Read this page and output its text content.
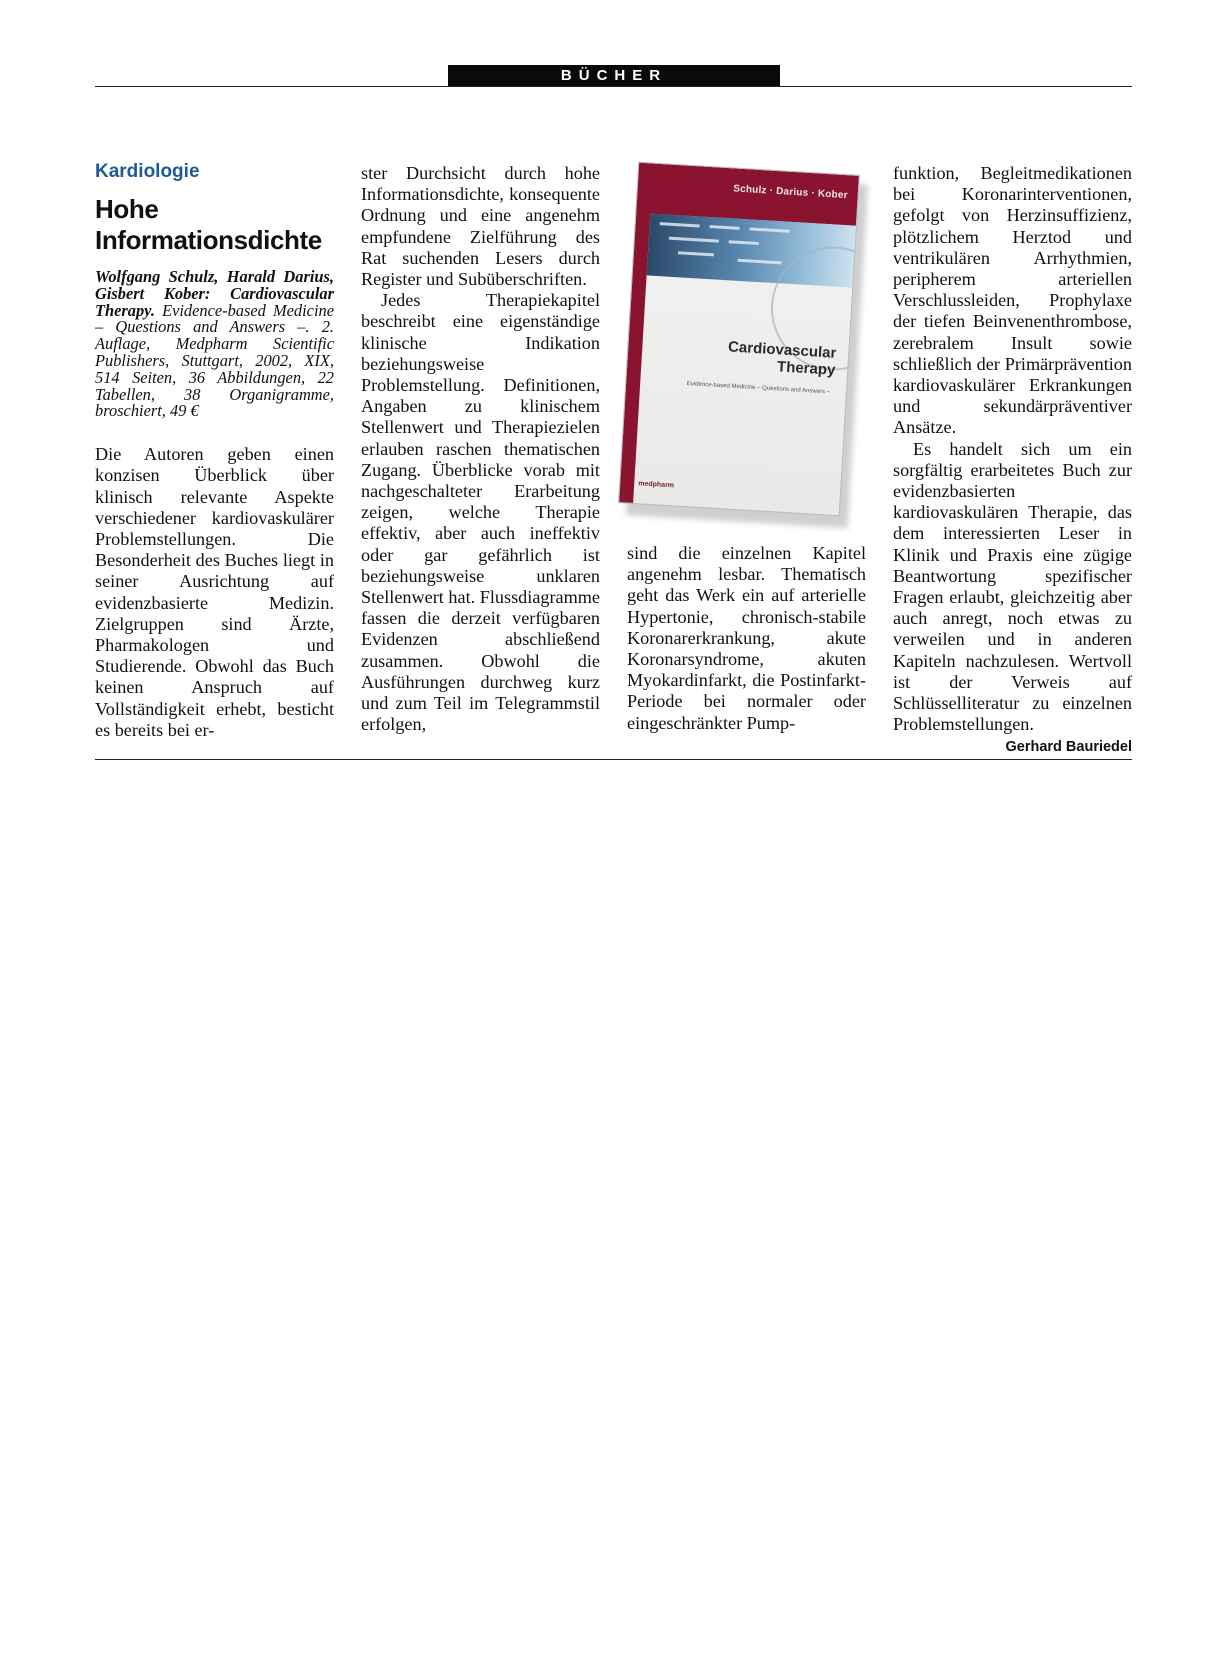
BÜCHER
Kardiologie
Hohe
Informationsdichte
Wolfgang Schulz, Harald Darius, Gisbert Kober: Cardiovascular Therapy. Evidence-based Medicine – Questions and Answers –. 2. Auflage, Medpharm Scientific Publishers, Stuttgart, 2002, XIX, 514 Seiten, 36 Abbildungen, 22 Tabellen, 38 Organigramme, broschiert, 49 €

Die Autoren geben einen konzisen Überblick über klinisch relevante Aspekte verschiedener kardiovaskulärer Problemstellungen. Die Besonderheit des Buches liegt in seiner Ausrichtung auf evidenzbasierte Medizin. Zielgruppen sind Ärzte, Pharmakologen und Studierende. Obwohl das Buch keinen Anspruch auf Vollständigkeit erhebt, besticht es bereits bei er-

ster Durchsicht durch hohe Informationsdichte, konsequente Ordnung und eine angenehm empfundene Zielführung des Rat suchenden Lesers durch Register und Subüberschriften.

Jedes Therapiekapitel beschreibt eine eigenständige klinische Indikation beziehungsweise Problemstellung. Definitionen, Angaben zu klinischem Stellenwert und Therapiezielen erlauben raschen thematischen Zugang. Überblicke vorab mit nachgeschalteter Erarbeitung zeigen, welche Therapie effektiv, aber auch ineffektiv oder gar gefährlich ist beziehungsweise unklaren Stellenwert hat. Flussdiagramme fassen die derzeit verfügbaren Evidenzen abschließend zusammen. Obwohl die Ausführungen durchweg kurz und zum Teil im Telegrammstil erfolgen,

Schulz · Darius · Kober
Cardiovascular
Therapy
Evidence-based Medicine – Questions and Answers –
medpharm

sind die einzelnen Kapitel angenehm lesbar. Thematisch geht das Werk ein auf arterielle Hypertonie, chronisch-stabile Koronarerkrankung, akute Koronarsyndrome, akuten Myokardinfarkt, die Postinfarkt-Periode bei normaler oder eingeschränkter Pump-

funktion, Begleitmedikationen bei Koronarinterventionen, gefolgt von Herzinsuffizienz, plötzlichem Herztod und ventrikulären Arrhythmien, peripherem arteriellen Verschlussleiden, Prophylaxe der tiefen Beinvenenthrombose, zerebralem Insult sowie schließlich der Primärprävention kardiovaskulärer Erkrankungen und sekundärpräventiver Ansätze.

Es handelt sich um ein sorgfältig erarbeitetes Buch zur evidenzbasierten kardiovaskulären Therapie, das dem interessierten Leser in Klinik und Praxis eine zügige Beantwortung spezifischer Fragen erlaubt, gleichzeitig aber auch anregt, noch etwas zu verweilen und in anderen Kapiteln nachzulesen. Wertvoll ist der Verweis auf Schlüsselliteratur zu einzelnen Problemstellungen.
Gerhard Bauriedel
